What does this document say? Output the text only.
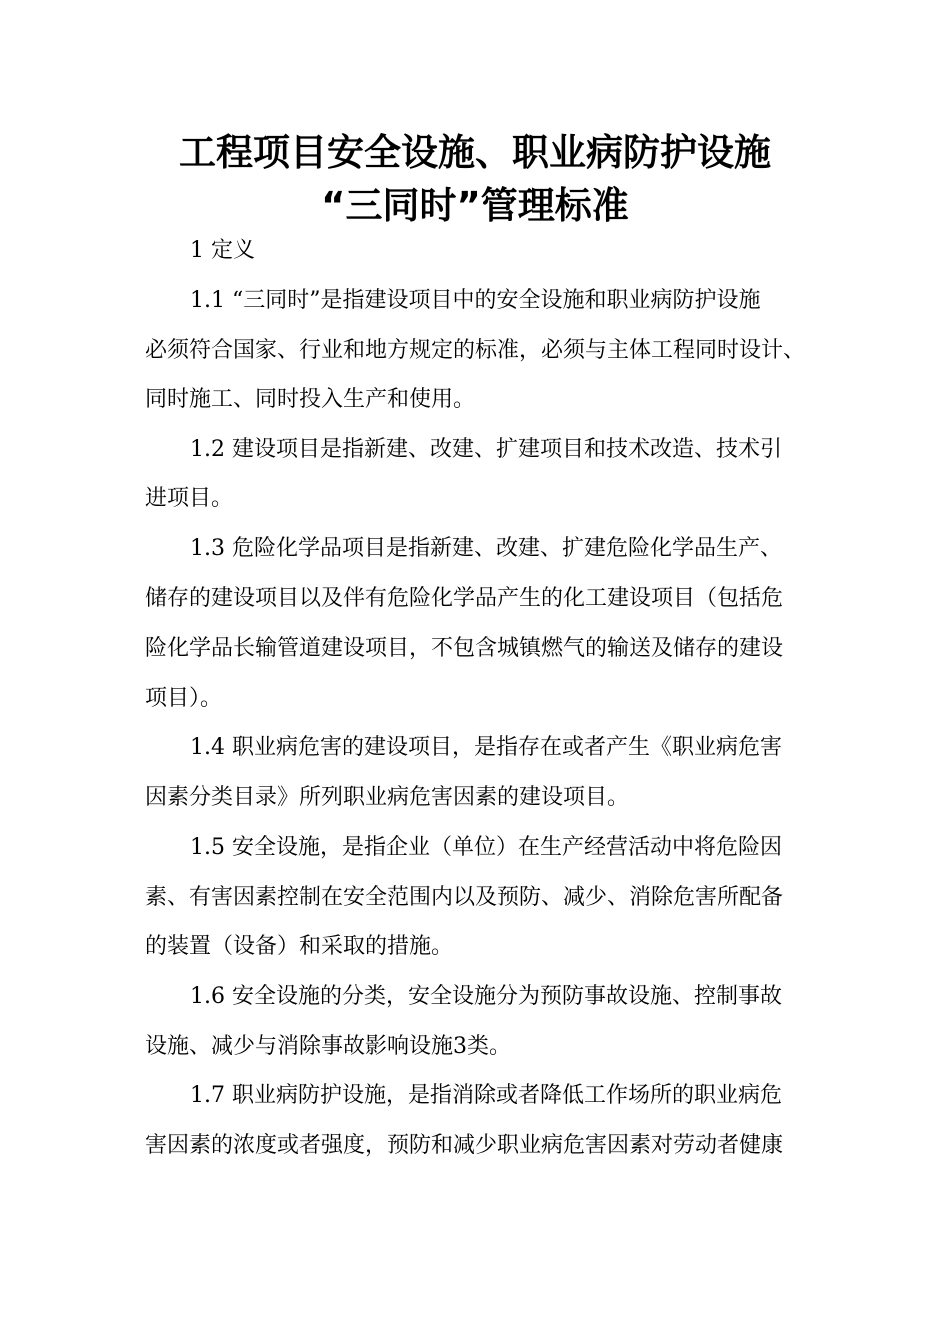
工程项目安全设施、职业病防护设施
“三同时”管理标准
1 定义
1.1 “三同时”是指建设项目中的安全设施和职业病防护设施
必须符合国家、行业和地方规定的标准，必须与主体工程同时设计、
同时施工、同时投入生产和使用。
1.2 建设项目是指新建、改建、扩建项目和技术改造、技术引
进项目。
1.3 危险化学品项目是指新建、改建、扩建危险化学品生产、
储存的建设项目以及伴有危险化学品产生的化工建设项目（包括危
险化学品长输管道建设项目，不包含城镇燃气的输送及储存的建设
项目）。
1.4 职业病危害的建设项目，是指存在或者产生《职业病危害
因素分类目录》所列职业病危害因素的建设项目。
1.5 安全设施，是指企业（单位）在生产经营活动中将危险因
素、有害因素控制在安全范围内以及预防、减少、消除危害所配备
的装置（设备）和采取的措施。
1.6 安全设施的分类，安全设施分为预防事故设施、控制事故
设施、减少与消除事故影响设施3类。
1.7 职业病防护设施，是指消除或者降低工作场所的职业病危
害因素的浓度或者强度，预防和减少职业病危害因素对劳动者健康
